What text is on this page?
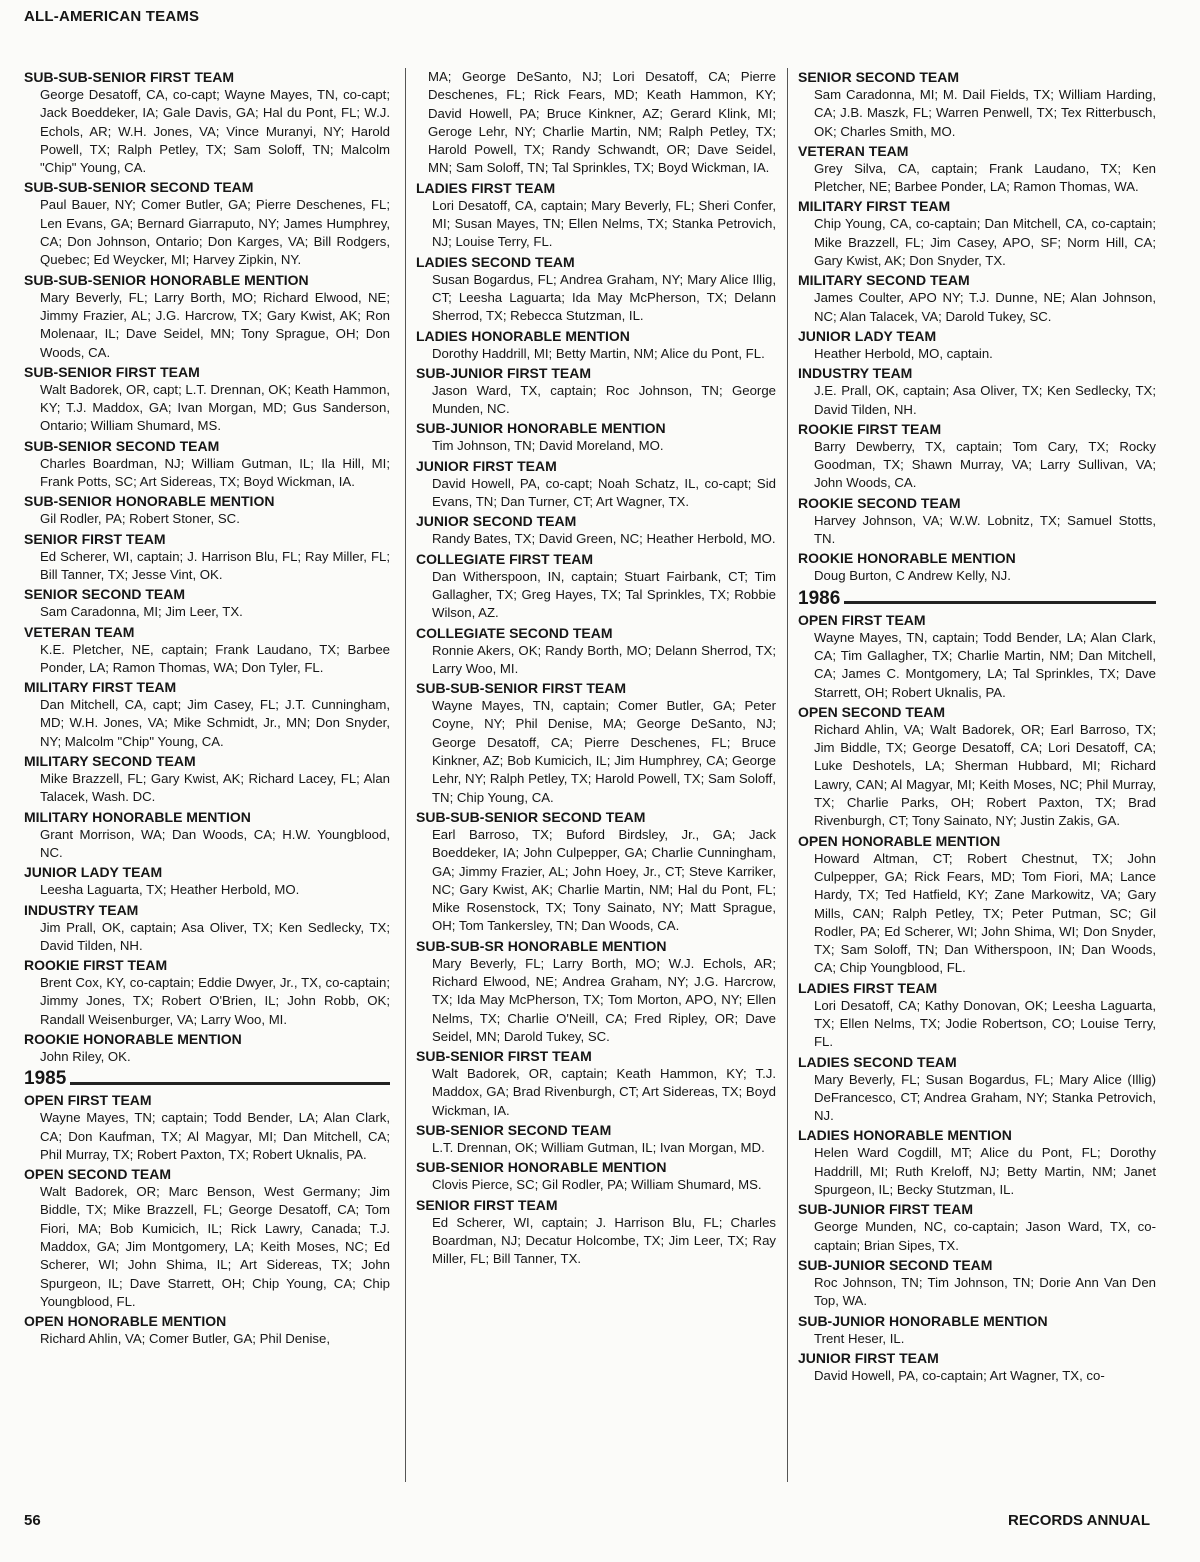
ALL-AMERICAN TEAMS
SUB-SUB-SENIOR FIRST TEAM
George Desatoff, CA, co-capt; Wayne Mayes, TN, co-capt; Jack Boeddeker, IA; Gale Davis, GA; Hal du Pont, FL; W.J. Echols, AR; W.H. Jones, VA; Vince Muranyi, NY; Harold Powell, TX; Ralph Petley, TX; Sam Soloff, TN; Malcolm "Chip" Young, CA.
SUB-SUB-SENIOR SECOND TEAM
Paul Bauer, NY; Comer Butler, GA; Pierre Deschenes, FL; Len Evans, GA; Bernard Giarraputo, NY; James Humphrey, CA; Don Johnson, Ontario; Don Karges, VA; Bill Rodgers, Quebec; Ed Weycker, MI; Harvey Zipkin, NY.
SUB-SUB-SENIOR HONORABLE MENTION
Mary Beverly, FL; Larry Borth, MO; Richard Elwood, NE; Jimmy Frazier, AL; J.G. Harcrow, TX; Gary Kwist, AK; Ron Molenaar, IL; Dave Seidel, MN; Tony Sprague, OH; Don Woods, CA.
SUB-SENIOR FIRST TEAM
Walt Badorek, OR, capt; L.T. Drennan, OK; Keath Hammon, KY; T.J. Maddox, GA; Ivan Morgan, MD; Gus Sanderson, Ontario; William Shumard, MS.
SUB-SENIOR SECOND TEAM
Charles Boardman, NJ; William Gutman, IL; Ila Hill, MI; Frank Potts, SC; Art Sidereas, TX; Boyd Wickman, IA.
SUB-SENIOR HONORABLE MENTION
Gil Rodler, PA; Robert Stoner, SC.
SENIOR FIRST TEAM
Ed Scherer, WI, captain; J. Harrison Blu, FL; Ray Miller, FL; Bill Tanner, TX; Jesse Vint, OK.
SENIOR SECOND TEAM
Sam Caradonna, MI; Jim Leer, TX.
VETERAN TEAM
K.E. Pletcher, NE, captain; Frank Laudano, TX; Barbee Ponder, LA; Ramon Thomas, WA; Don Tyler, FL.
MILITARY FIRST TEAM
Dan Mitchell, CA, capt; Jim Casey, FL; J.T. Cunningham, MD; W.H. Jones, VA; Mike Schmidt, Jr., MN; Don Snyder, NY; Malcolm "Chip" Young, CA.
MILITARY SECOND TEAM
Mike Brazzell, FL; Gary Kwist, AK; Richard Lacey, FL; Alan Talacek, Wash. DC.
MILITARY HONORABLE MENTION
Grant Morrison, WA; Dan Woods, CA; H.W. Youngblood, NC.
JUNIOR LADY TEAM
Leesha Laguarta, TX; Heather Herbold, MO.
INDUSTRY TEAM
Jim Prall, OK, captain; Asa Oliver, TX; Ken Sedlecky, TX; David Tilden, NH.
ROOKIE FIRST TEAM
Brent Cox, KY, co-captain; Eddie Dwyer, Jr., TX, co-captain; Jimmy Jones, TX; Robert O'Brien, IL; John Robb, OK; Randall Weisenburger, VA; Larry Woo, MI.
ROOKIE HONORABLE MENTION
John Riley, OK.
1985
OPEN FIRST TEAM
Wayne Mayes, TN; captain; Todd Bender, LA; Alan Clark, CA; Don Kaufman, TX; Al Magyar, MI; Dan Mitchell, CA; Phil Murray, TX; Robert Paxton, TX; Robert Uknalis, PA.
OPEN SECOND TEAM
Walt Badorek, OR; Marc Benson, West Germany; Jim Biddle, TX; Mike Brazzell, FL; George Desatoff, CA; Tom Fiori, MA; Bob Kumicich, IL; Rick Lawry, Canada; T.J. Maddox, GA; Jim Montgomery, LA; Keith Moses, NC; Ed Scherer, WI; John Shima, IL; Art Sidereas, TX; John Spurgeon, IL; Dave Starrett, OH; Chip Young, CA; Chip Youngblood, FL.
OPEN HONORABLE MENTION
Richard Ahlin, VA; Comer Butler, GA; Phil Denise,
MA; George DeSanto, NJ; Lori Desatoff, CA; Pierre Deschenes, FL; Rick Fears, MD; Keath Hammon, KY; David Howell, PA; Bruce Kinkner, AZ; Gerard Klink, MI; Geroge Lehr, NY; Charlie Martin, NM; Ralph Petley, TX; Harold Powell, TX; Randy Schwandt, OR; Dave Seidel, MN; Sam Soloff, TN; Tal Sprinkles, TX; Boyd Wickman, IA.
LADIES FIRST TEAM
Lori Desatoff, CA, captain; Mary Beverly, FL; Sheri Confer, MI; Susan Mayes, TN; Ellen Nelms, TX; Stanka Petrovich, NJ; Louise Terry, FL.
LADIES SECOND TEAM
Susan Bogardus, FL; Andrea Graham, NY; Mary Alice Illig, CT; Leesha Laguarta; Ida May McPherson, TX; Delann Sherrod, TX; Rebecca Stutzman, IL.
LADIES HONORABLE MENTION
Dorothy Haddrill, MI; Betty Martin, NM; Alice du Pont, FL.
SUB-JUNIOR FIRST TEAM
Jason Ward, TX, captain; Roc Johnson, TN; George Munden, NC.
SUB-JUNIOR HONORABLE MENTION
Tim Johnson, TN; David Moreland, MO.
JUNIOR FIRST TEAM
David Howell, PA, co-capt; Noah Schatz, IL, co-capt; Sid Evans, TN; Dan Turner, CT; Art Wagner, TX.
JUNIOR SECOND TEAM
Randy Bates, TX; David Green, NC; Heather Herbold, MO.
COLLEGIATE FIRST TEAM
Dan Witherspoon, IN, captain; Stuart Fairbank, CT; Tim Gallagher, TX; Greg Hayes, TX; Tal Sprinkles, TX; Robbie Wilson, AZ.
COLLEGIATE SECOND TEAM
Ronnie Akers, OK; Randy Borth, MO; Delann Sherrod, TX; Larry Woo, MI.
SUB-SUB-SENIOR FIRST TEAM
Wayne Mayes, TN, captain; Comer Butler, GA; Peter Coyne, NY; Phil Denise, MA; George DeSanto, NJ; George Desatoff, CA; Pierre Deschenes, FL; Bruce Kinkner, AZ; Bob Kumicich, IL; Jim Humphrey, CA; George Lehr, NY; Ralph Petley, TX; Harold Powell, TX; Sam Soloff, TN; Chip Young, CA.
SUB-SUB-SENIOR SECOND TEAM
Earl Barroso, TX; Buford Birdsley, Jr., GA; Jack Boeddeker, IA; John Culpepper, GA; Charlie Cunningham, GA; Jimmy Frazier, AL; John Hoey, Jr., CT; Steve Karriker, NC; Gary Kwist, AK; Charlie Martin, NM; Hal du Pont, FL; Mike Rosenstock, TX; Tony Sainato, NY; Matt Sprague, OH; Tom Tankersley, TN; Dan Woods, CA.
SUB-SUB-SR HONORABLE MENTION
Mary Beverly, FL; Larry Borth, MO; W.J. Echols, AR; Richard Elwood, NE; Andrea Graham, NY; J.G. Harcrow, TX; Ida May McPherson, TX; Tom Morton, APO, NY; Ellen Nelms, TX; Charlie O'Neill, CA; Fred Ripley, OR; Dave Seidel, MN; Darold Tukey, SC.
SUB-SENIOR FIRST TEAM
Walt Badorek, OR, captain; Keath Hammon, KY; T.J. Maddox, GA; Brad Rivenburgh, CT; Art Sidereas, TX; Boyd Wickman, IA.
SUB-SENIOR SECOND TEAM
L.T. Drennan, OK; William Gutman, IL; Ivan Morgan, MD.
SUB-SENIOR HONORABLE MENTION
Clovis Pierce, SC; Gil Rodler, PA; William Shumard, MS.
SENIOR FIRST TEAM
Ed Scherer, WI, captain; J. Harrison Blu, FL; Charles Boardman, NJ; Decatur Holcombe, TX; Jim Leer, TX; Ray Miller, FL; Bill Tanner, TX.
SENIOR SECOND TEAM
Sam Caradonna, MI; M. Dail Fields, TX; William Harding, CA; J.B. Maszk, FL; Warren Penwell, TX; Tex Ritterbusch, OK; Charles Smith, MO.
VETERAN TEAM
Grey Silva, CA, captain; Frank Laudano, TX; Ken Pletcher, NE; Barbee Ponder, LA; Ramon Thomas, WA.
MILITARY FIRST TEAM
Chip Young, CA, co-captain; Dan Mitchell, CA, co-captain; Mike Brazzell, FL; Jim Casey, APO, SF; Norm Hill, CA; Gary Kwist, AK; Don Snyder, TX.
MILITARY SECOND TEAM
James Coulter, APO NY; T.J. Dunne, NE; Alan Johnson, NC; Alan Talacek, VA; Darold Tukey, SC.
JUNIOR LADY TEAM
Heather Herbold, MO, captain.
INDUSTRY TEAM
J.E. Prall, OK, captain; Asa Oliver, TX; Ken Sedlecky, TX; David Tilden, NH.
ROOKIE FIRST TEAM
Barry Dewberry, TX, captain; Tom Cary, TX; Rocky Goodman, TX; Shawn Murray, VA; Larry Sullivan, VA; John Woods, CA.
ROOKIE SECOND TEAM
Harvey Johnson, VA; W.W. Lobnitz, TX; Samuel Stotts, TN.
ROOKIE HONORABLE MENTION
Doug Burton, C Andrew Kelly, NJ.
1986
OPEN FIRST TEAM
Wayne Mayes, TN, captain; Todd Bender, LA; Alan Clark, CA; Tim Gallagher, TX; Charlie Martin, NM; Dan Mitchell, CA; James C. Montgomery, LA; Tal Sprinkles, TX; Dave Starrett, OH; Robert Uknalis, PA.
OPEN SECOND TEAM
Richard Ahlin, VA; Walt Badorek, OR; Earl Barroso, TX; Jim Biddle, TX; George Desatoff, CA; Lori Desatoff, CA; Luke Deshotels, LA; Sherman Hubbard, MI; Richard Lawry, CAN; Al Magyar, MI; Keith Moses, NC; Phil Murray, TX; Charlie Parks, OH; Robert Paxton, TX; Brad Rivenburgh, CT; Tony Sainato, NY; Justin Zakis, GA.
OPEN HONORABLE MENTION
Howard Altman, CT; Robert Chestnut, TX; John Culpepper, GA; Rick Fears, MD; Tom Fiori, MA; Lance Hardy, TX; Ted Hatfield, KY; Zane Markowitz, VA; Gary Mills, CAN; Ralph Petley, TX; Peter Putman, SC; Gil Rodler, PA; Ed Scherer, WI; John Shima, WI; Don Snyder, TX; Sam Soloff, TN; Dan Witherspoon, IN; Dan Woods, CA; Chip Youngblood, FL.
LADIES FIRST TEAM
Lori Desatoff, CA; Kathy Donovan, OK; Leesha Laguarta, TX; Ellen Nelms, TX; Jodie Robertson, CO; Louise Terry, FL.
LADIES SECOND TEAM
Mary Beverly, FL; Susan Bogardus, FL; Mary Alice (Illig) DeFrancesco, CT; Andrea Graham, NY; Stanka Petrovich, NJ.
LADIES HONORABLE MENTION
Helen Ward Cogdill, MT; Alice du Pont, FL; Dorothy Haddrill, MI; Ruth Kreloff, NJ; Betty Martin, NM; Janet Spurgeon, IL; Becky Stutzman, IL.
SUB-JUNIOR FIRST TEAM
George Munden, NC, co-captain; Jason Ward, TX, co-captain; Brian Sipes, TX.
SUB-JUNIOR SECOND TEAM
Roc Johnson, TN; Tim Johnson, TN; Dorie Ann Van Den Top, WA.
SUB-JUNIOR HONORABLE MENTION
Trent Heser, IL.
JUNIOR FIRST TEAM
David Howell, PA, co-captain; Art Wagner, TX, co-
56	RECORDS ANNUAL
